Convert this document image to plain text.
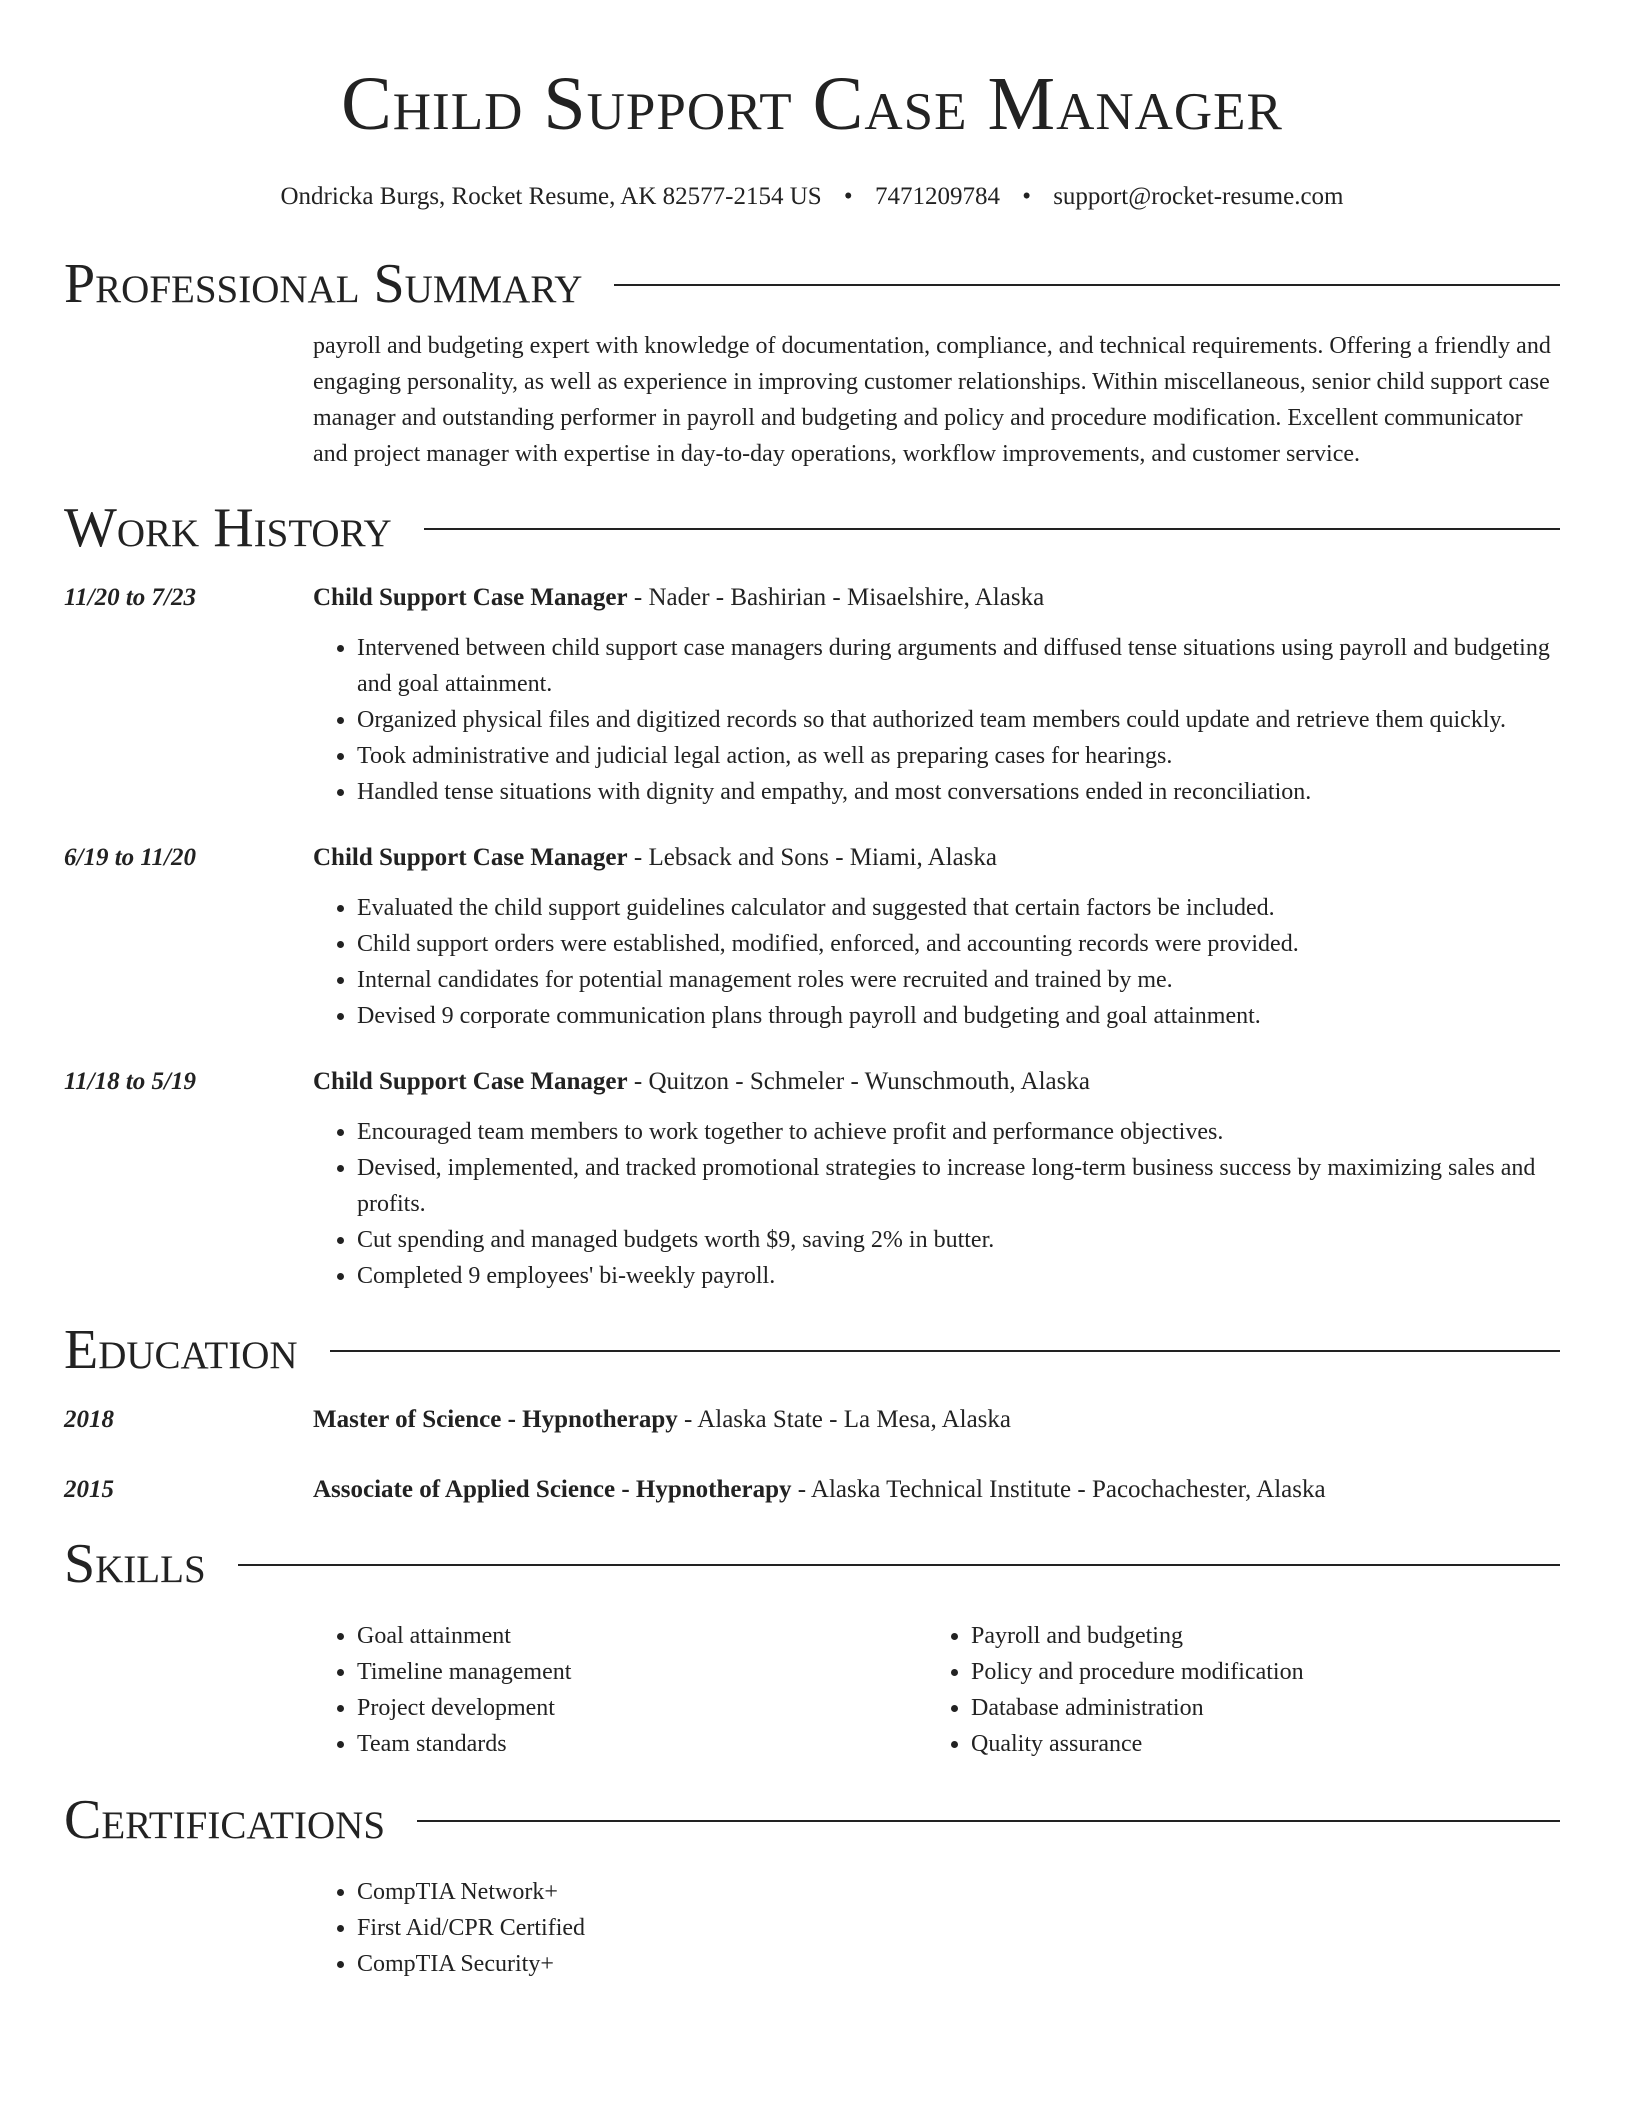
Child Support Case Manager
Ondricka Burgs, Rocket Resume, AK 82577-2154 US • 7471209784 • support@rocket-resume.com
Professional Summary
payroll and budgeting expert with knowledge of documentation, compliance, and technical requirements. Offering a friendly and engaging personality, as well as experience in improving customer relationships. Within miscellaneous, senior child support case manager and outstanding performer in payroll and budgeting and policy and procedure modification. Excellent communicator and project manager with expertise in day-to-day operations, workflow improvements, and customer service.
Work History
11/20 to 7/23	Child Support Case Manager - Nader - Bashirian - Misaelshire, Alaska
• Intervened between child support case managers during arguments and diffused tense situations using payroll and budgeting and goal attainment.
• Organized physical files and digitized records so that authorized team members could update and retrieve them quickly.
• Took administrative and judicial legal action, as well as preparing cases for hearings.
• Handled tense situations with dignity and empathy, and most conversations ended in reconciliation.
6/19 to 11/20	Child Support Case Manager - Lebsack and Sons - Miami, Alaska
• Evaluated the child support guidelines calculator and suggested that certain factors be included.
• Child support orders were established, modified, enforced, and accounting records were provided.
• Internal candidates for potential management roles were recruited and trained by me.
• Devised 9 corporate communication plans through payroll and budgeting and goal attainment.
11/18 to 5/19	Child Support Case Manager - Quitzon - Schmeler - Wunschmouth, Alaska
• Encouraged team members to work together to achieve profit and performance objectives.
• Devised, implemented, and tracked promotional strategies to increase long-term business success by maximizing sales and profits.
• Cut spending and managed budgets worth $9, saving 2% in butter.
• Completed 9 employees' bi-weekly payroll.
Education
2018	Master of Science - Hypnotherapy - Alaska State - La Mesa, Alaska
2015	Associate of Applied Science - Hypnotherapy - Alaska Technical Institute - Pacochachester, Alaska
Skills
• Goal attainment
• Timeline management
• Project development
• Team standards
• Payroll and budgeting
• Policy and procedure modification
• Database administration
• Quality assurance
Certifications
• CompTIA Network+
• First Aid/CPR Certified
• CompTIA Security+
